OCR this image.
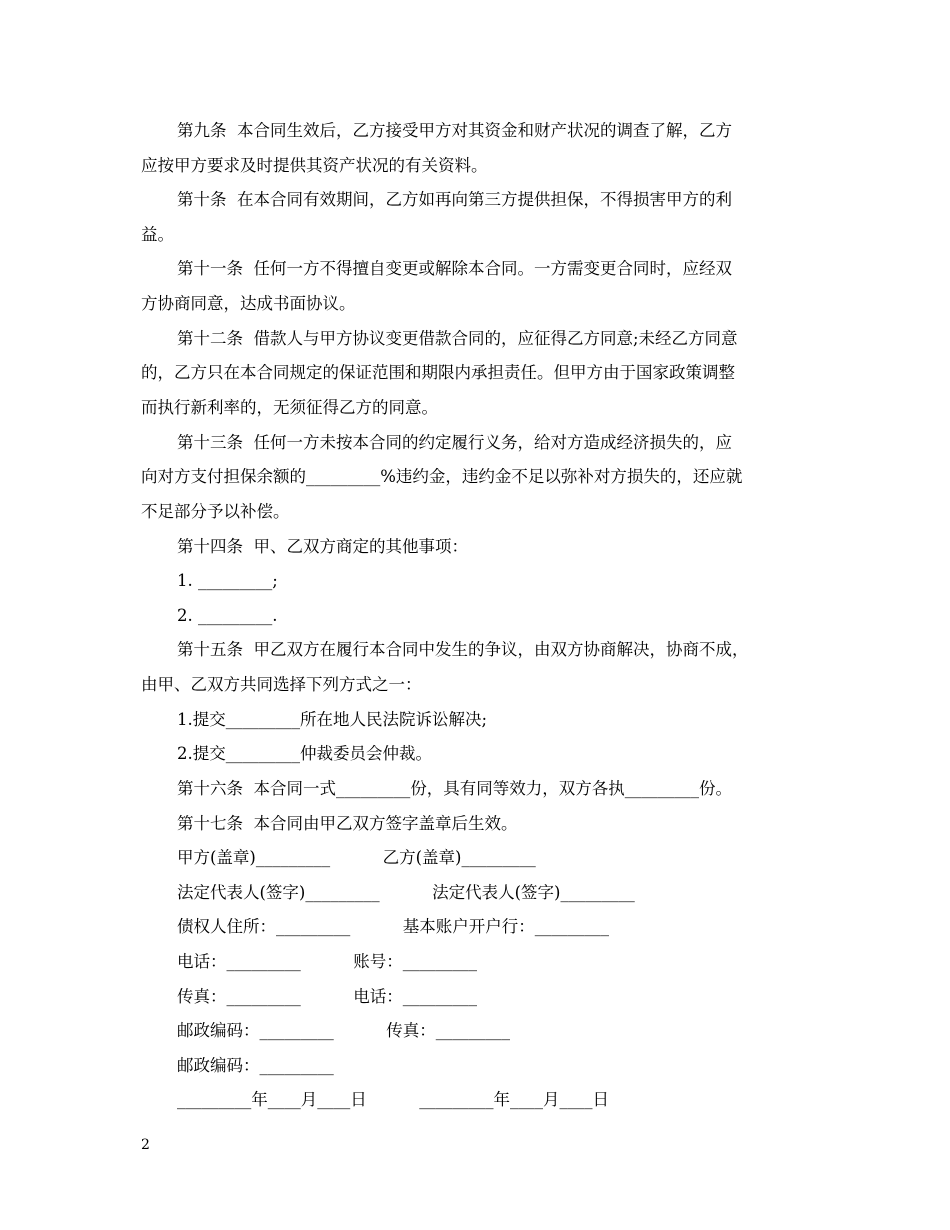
第九条  本合同生效后，乙方接受甲方对其资金和财产状况的调查了解，乙方
应按甲方要求及时提供其资产状况的有关资料。
第十条  在本合同有效期间，乙方如再向第三方提供担保，不得损害甲方的利
益。
第十一条  任何一方不得擅自变更或解除本合同。一方需变更合同时，应经双
方协商同意，达成书面协议。
第十二条  借款人与甲方协议变更借款合同的，应征得乙方同意;未经乙方同意
的，乙方只在本合同规定的保证范围和期限内承担责任。但甲方由于国家政策调整
而执行新利率的，无须征得乙方的同意。
第十三条  任何一方未按本合同的约定履行义务，给对方造成经济损失的，应
向对方支付担保余额的_________%违约金，违约金不足以弥补对方损失的，还应就
不足部分予以补偿。
第十四条  甲、乙双方商定的其他事项：
1. _________;
2. _________.
第十五条  甲乙双方在履行本合同中发生的争议，由双方协商解决，协商不成，
由甲、乙双方共同选择下列方式之一：
1.提交_________所在地人民法院诉讼解决;
2.提交_________仲裁委员会仲裁。
第十六条  本合同一式_________份，具有同等效力，双方各执_________份。
第十七条  本合同由甲乙双方签字盖章后生效。
甲方(盖章)_________          乙方(盖章)_________
法定代表人(签字)_________          法定代表人(签字)_________
债权人住所：_________          基本账户开户行：_________
电话：_________          账号：_________
传真：_________          电话：_________
邮政编码：_________          传真：_________
邮政编码：_________
_________年____月____日          _________年____月____日
2
